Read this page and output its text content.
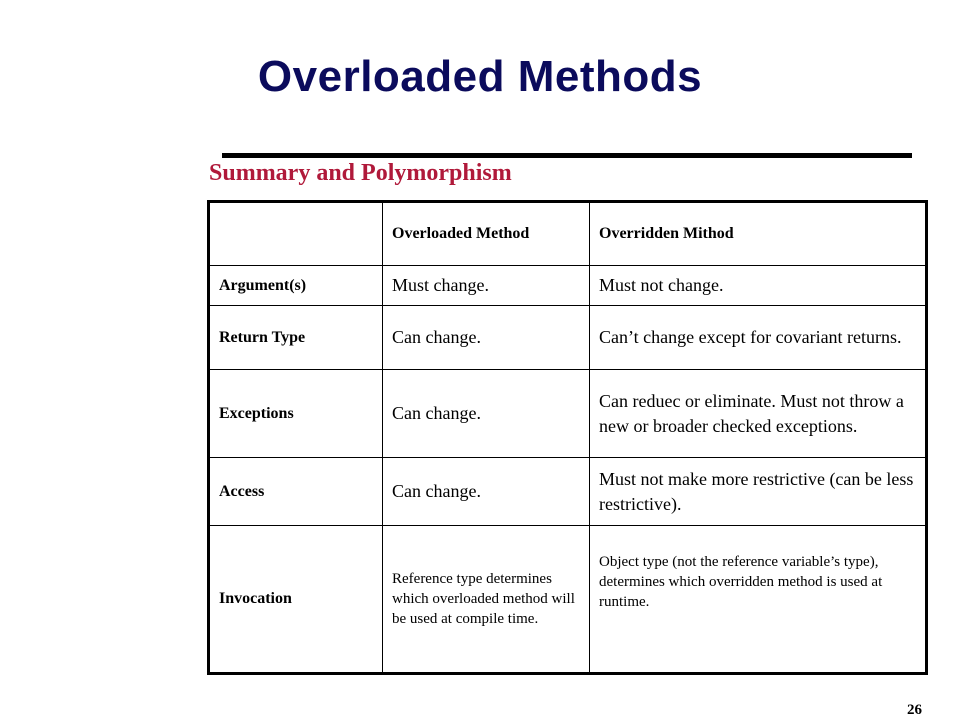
Overloaded Methods
Summary and Polymorphism
	Overloaded Method	Overridden Mithod
Argument(s)	Must change.	Must not change.
Return Type	Can change.	Can’t change except for covariant returns.
Exceptions	Can change.	Can reduec or eliminate. Must not throw a new or broader checked exceptions.
Access	Can change.	Must not make more restrictive (can be less restrictive).
Invocation	Reference type determines which overloaded method will be used at compile time.	Object type (not the reference variable’s type), determines which overridden method is used at runtime.
26
